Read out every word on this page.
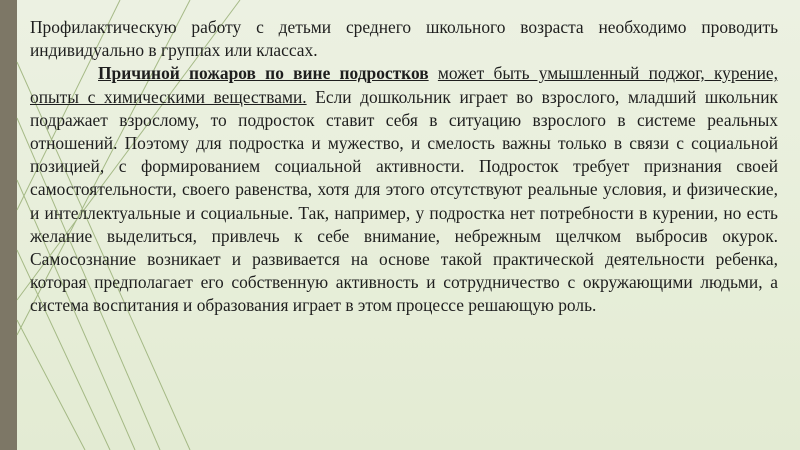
Профилактическую работу с детьми среднего школьного возраста необходимо проводить индивидуально в группах или классах.

Причиной пожаров по вине подростков может быть умышленный поджог, курение, опыты с химическими веществами. Если дошкольник играет во взрослого, младший школьник подражает взрослому, то подросток ставит себя в ситуацию взрослого в системе реальных отношений. Поэтому для подростка и мужество, и смелость важны только в связи с социальной позицией, с формированием социальной активности. Подросток требует признания своей самостоятельности, своего равенства, хотя для этого отсутствуют реальные условия, и физические, и интеллектуальные и социальные. Так, например, у подростка нет потребности в курении, но есть желание выделиться, привлечь к себе внимание, небрежным щелчком выбросив окурок. Самосознание возникает и развивается на основе такой практической деятельности ребенка, которая предполагает его собственную активность и сотрудничество с окружающими людьми, а система воспитания и образования играет в этом процессе решающую роль.
